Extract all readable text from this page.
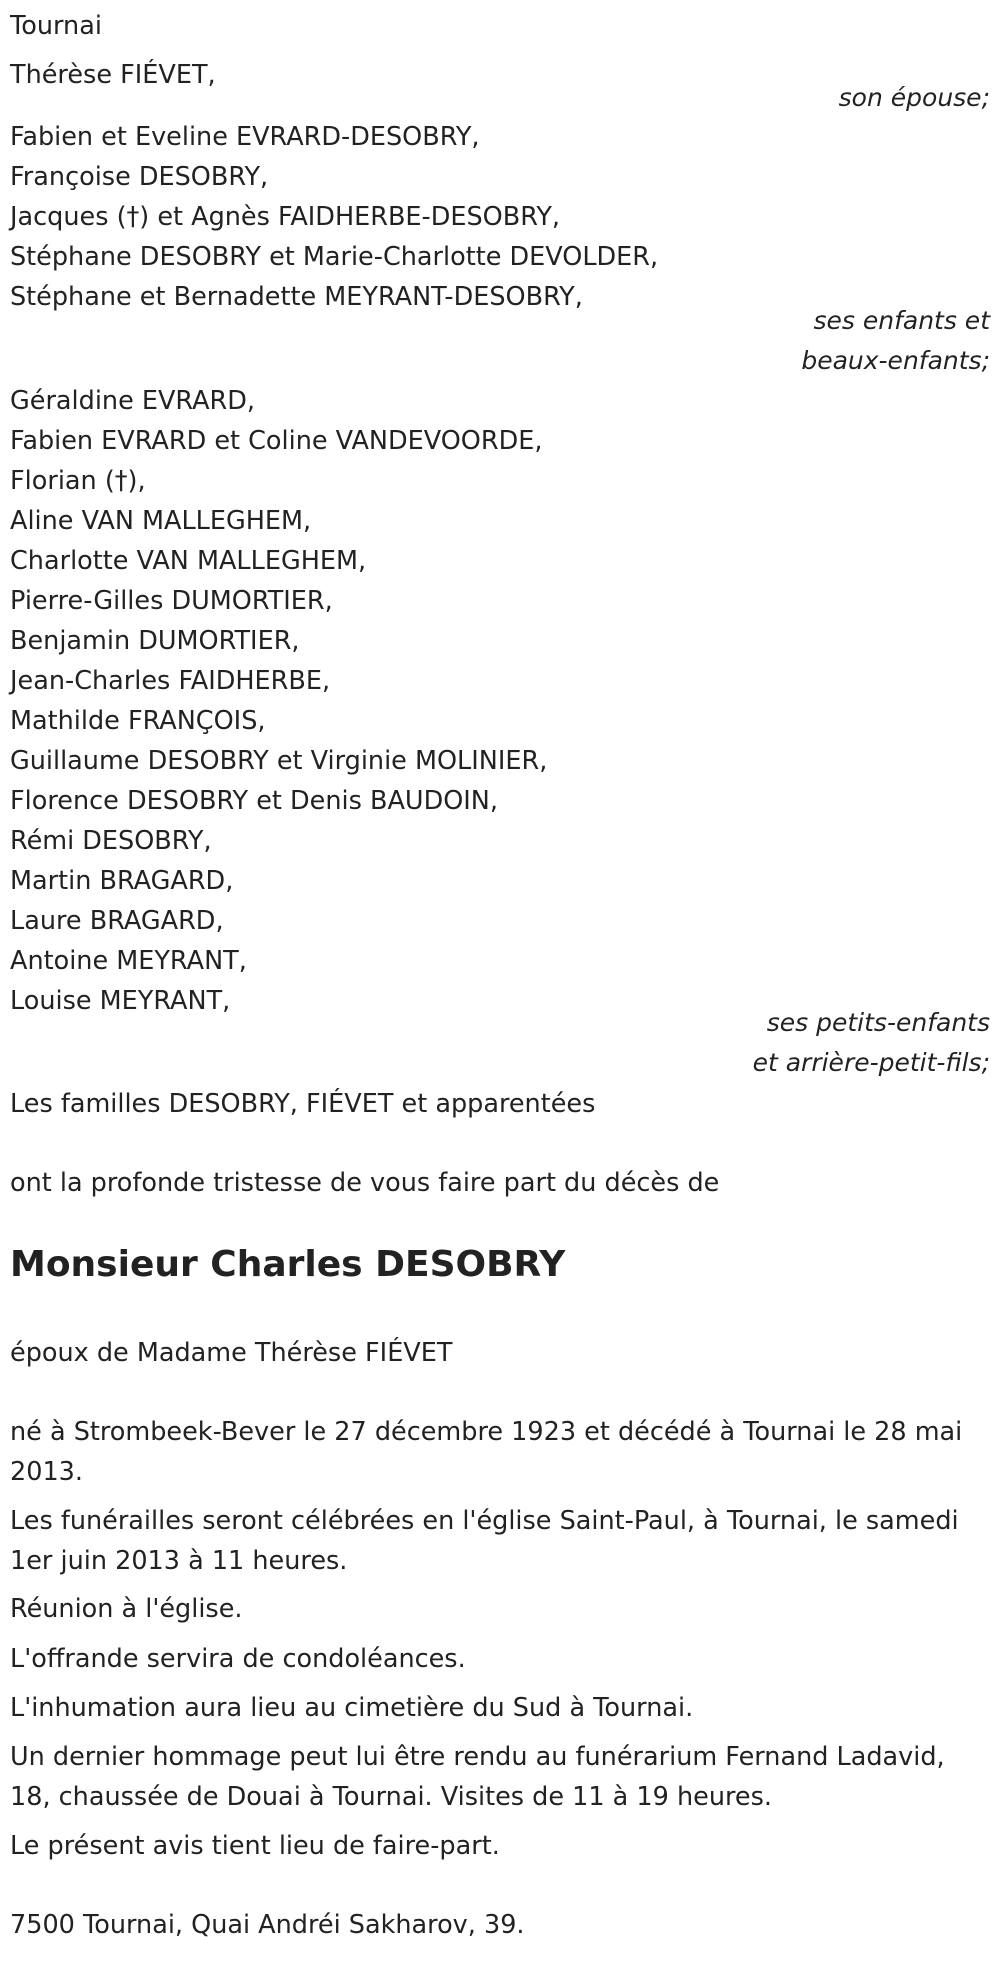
Tournai
Thérèse FIÉVET,
son épouse;
Fabien et Eveline EVRARD-DESOBRY,
Françoise DESOBRY,
Jacques (†) et Agnès FAIDHERBE-DESOBRY,
Stéphane DESOBRY et Marie-Charlotte DEVOLDER,
Stéphane et Bernadette MEYRANT-DESOBRY,
ses enfants et
beaux-enfants;
Géraldine EVRARD,
Fabien EVRARD et Coline VANDEVOORDE,
Florian (†),
Aline VAN MALLEGHEM,
Charlotte VAN MALLEGHEM,
Pierre-Gilles DUMORTIER,
Benjamin DUMORTIER,
Jean-Charles FAIDHERBE,
Mathilde FRANÇOIS,
Guillaume DESOBRY et Virginie MOLINIER,
Florence DESOBRY et Denis BAUDOIN,
Rémi DESOBRY,
Martin BRAGARD,
Laure BRAGARD,
Antoine MEYRANT,
Louise MEYRANT,
ses petits-enfants
et arrière-petit-fils;
Les familles DESOBRY, FIÉVET et apparentées
ont la profonde tristesse de vous faire part du décès de
Monsieur Charles DESOBRY
époux de Madame Thérèse FIÉVET
né à Strombeek-Bever le 27 décembre 1923 et décédé à Tournai le 28 mai 2013.
Les funérailles seront célébrées en l'église Saint-Paul, à Tournai, le samedi 1er juin 2013 à 11 heures.
Réunion à l'église.
L'offrande servira de condoléances.
L'inhumation aura lieu au cimetière du Sud à Tournai.
Un dernier hommage peut lui être rendu au funérarium Fernand Ladavid, 18, chaussée de Douai à Tournai. Visites de 11 à 19 heures.
Le présent avis tient lieu de faire-part.
7500 Tournai, Quai Andréi Sakharov, 39.
